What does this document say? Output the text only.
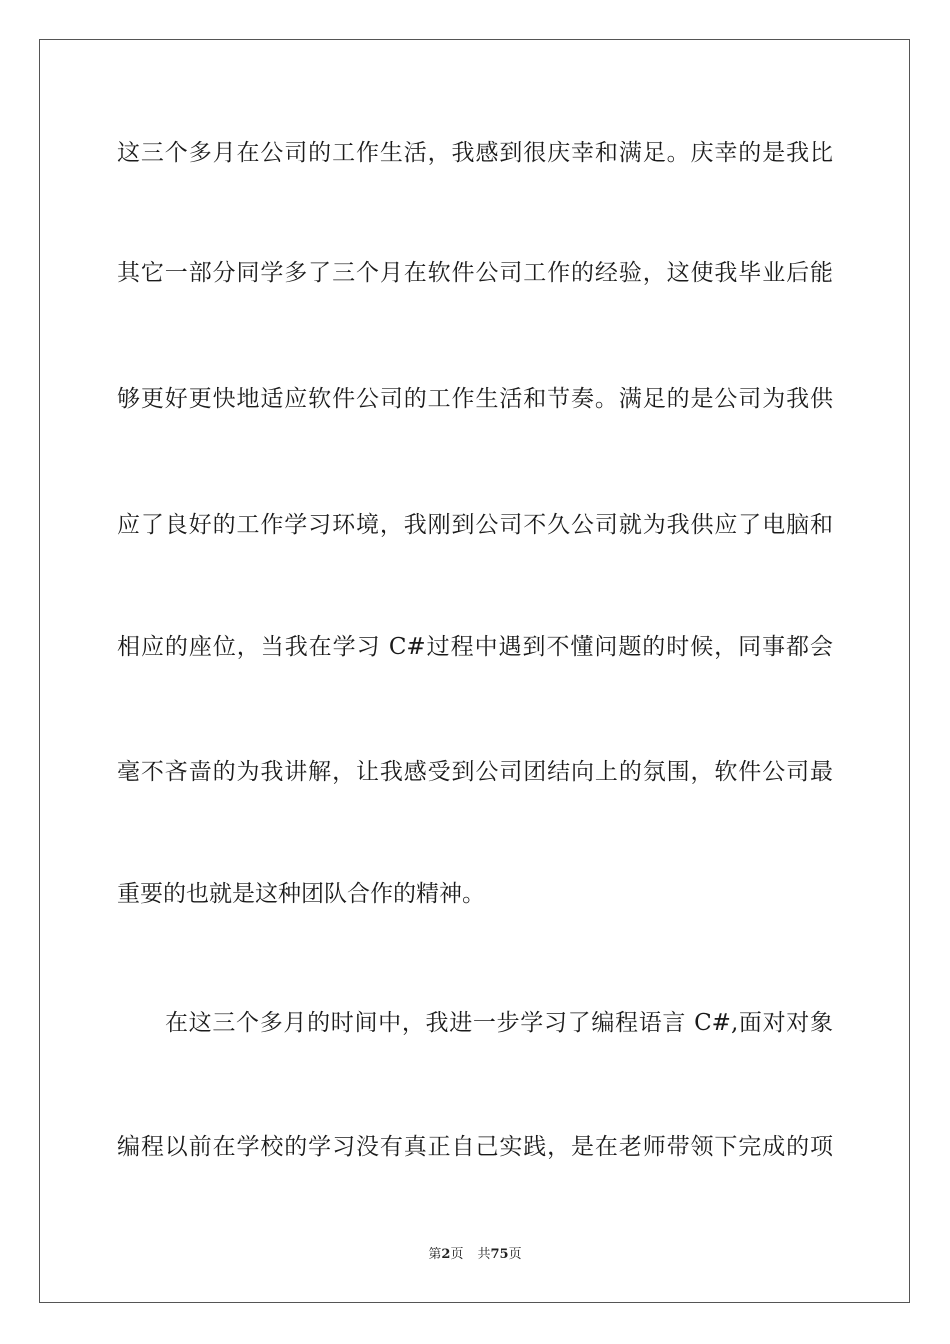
这三个多月在公司的工作生活，我感到很庆幸和满足。庆幸的是我比
其它一部分同学多了三个月在软件公司工作的经验，这使我毕业后能
够更好更快地适应软件公司的工作生活和节奏。满足的是公司为我供
应了良好的工作学习环境，我刚到公司不久公司就为我供应了电脑和
相应的座位，当我在学习 C#过程中遇到不懂问题的时候，同事都会
毫不吝啬的为我讲解，让我感受到公司团结向上的氛围，软件公司最
重要的也就是这种团队合作的精神。
在这三个多月的时间中，我进一步学习了编程语言 C#,面对对象
编程以前在学校的学习没有真正自己实践，是在老师带领下完成的项
第2页 共75页
